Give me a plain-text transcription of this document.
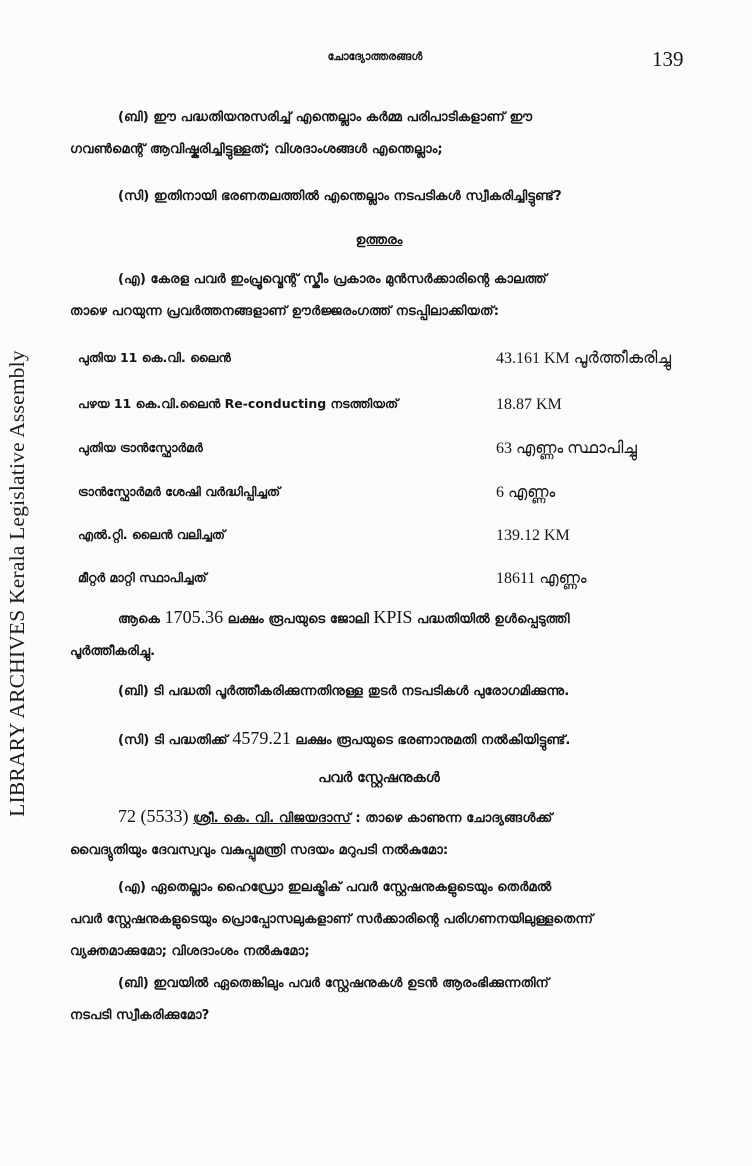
LIBRARY ARCHIVES Kerala Legislative Assembly
ചോദ്യോത്തരങ്ങൾ	139
(ബി) ഈ പദ്ധതിയനുസരിച്ച് എന്തെല്ലാം കർമ്മ പരിപാടികളാണ് ഈ
ഗവൺമെന്റ് ആവിഷ്കരിച്ചിട്ടുള്ളത്; വിശദാംശങ്ങൾ എന്തെല്ലാം;
(സി) ഇതിനായി ഭരണതലത്തിൽ എന്തെല്ലാം നടപടികൾ സ്വീകരിച്ചിട്ടുണ്ട്?
ഉത്തരം
(എ) കേരള പവർ ഇംപ്രൂവ്മെന്റ് സ്കീം പ്രകാരം മുൻസർക്കാരിന്റെ കാലത്ത്
താഴെ പറയുന്ന പ്രവർത്തനങ്ങളാണ് ഊർജ്ജരംഗത്ത് നടപ്പിലാക്കിയത്:
പുതിയ 11 കെ.വി. ലൈൻ	43.161 KM പൂർത്തീകരിച്ചു
പഴയ 11 കെ.വി.ലൈൻ Re-conducting നടത്തിയത്	18.87 KM
പുതിയ ട്രാൻസ്ഫോർമർ	63 എണ്ണം സ്ഥാപിച്ചു
ട്രാൻസ്ഫോർമർ ശേഷി വർദ്ധിപ്പിച്ചത്	6 എണ്ണം
എൽ.റ്റി. ലൈൻ വലിച്ചത്	139.12 KM
മീറ്റർ മാറ്റി സ്ഥാപിച്ചത്	18611 എണ്ണം
ആകെ 1705.36 ലക്ഷം രൂപയുടെ ജോലി KPIS പദ്ധതിയിൽ ഉൾപ്പെടുത്തി
പൂർത്തീകരിച്ചു.
(ബി) ടി പദ്ധതി പൂർത്തീകരിക്കുന്നതിനുള്ള തുടർ നടപടികൾ പുരോഗമിക്കുന്നു.
(സി) ടി പദ്ധതിക്ക് 4579.21 ലക്ഷം രൂപയുടെ ഭരണാനുമതി നൽകിയിട്ടുണ്ട്.
പവർ സ്റ്റേഷനുകൾ
72 (5533) ശ്രീ. കെ. വി. വിജയദാസ് : താഴെ കാണുന്ന ചോദ്യങ്ങൾക്ക്
വൈദ്യുതിയും ദേവസ്വവും വകുപ്പുമന്ത്രി സദയം മറുപടി നൽകുമോ:
(എ) ഏതെല്ലാം ഹൈഡ്രോ ഇലക്ട്രിക് പവർ സ്റ്റേഷനുകളുടെയും തെർമൽ
പവർ സ്റ്റേഷനുകളുടെയും പ്രൊപ്പോസലുകളാണ് സർക്കാരിന്റെ പരിഗണനയിലുള്ളതെന്ന്
വ്യക്തമാക്കുമോ; വിശദാംശം നൽകുമോ;
(ബി) ഇവയിൽ ഏതെങ്കിലും പവർ സ്റ്റേഷനുകൾ ഉടൻ ആരംഭിക്കുന്നതിന്
നടപടി സ്വീകരിക്കുമോ?
